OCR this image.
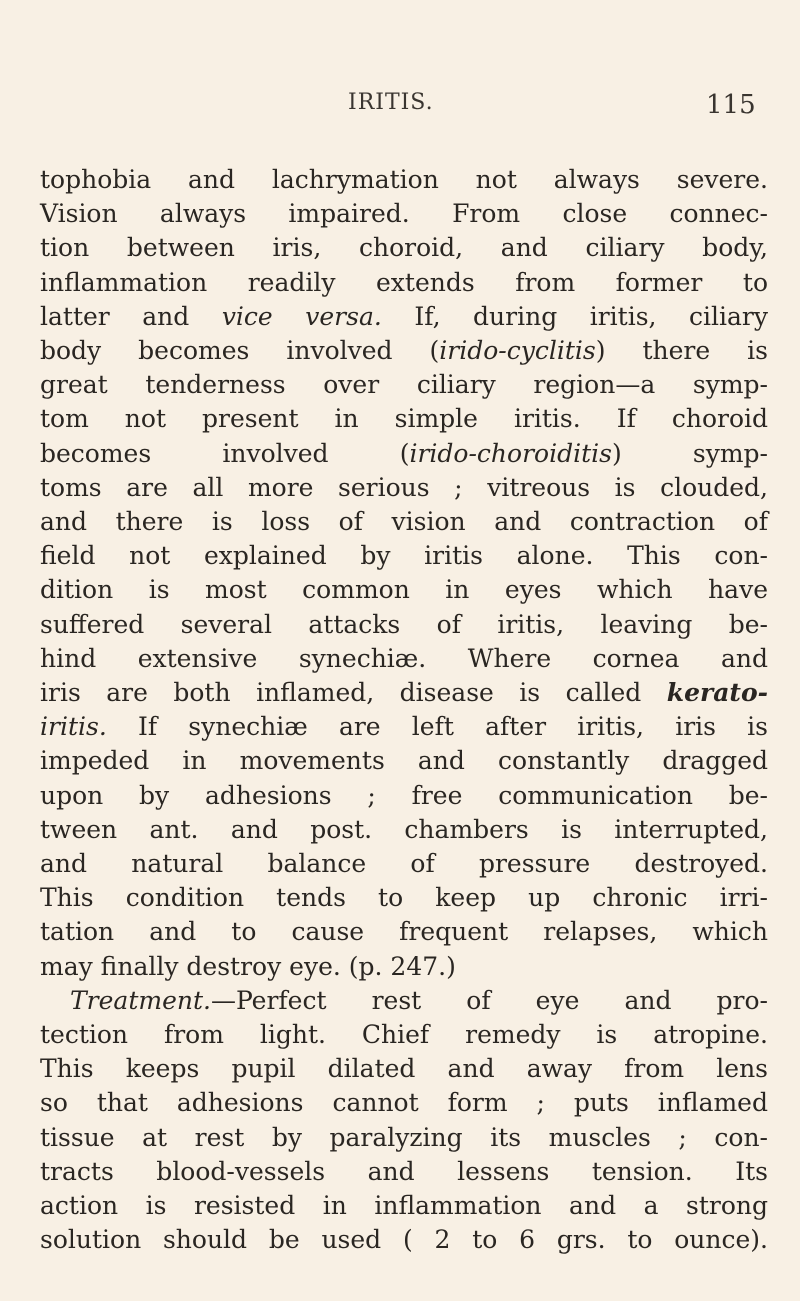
IRITIS.	115
tophobia and lachrymation not always severe.
Vision always impaired. From close connec-
tion between iris, choroid, and ciliary body,
inflammation readily extends from former to
latter and vice versa. If, during iritis, ciliary
body becomes involved (irido-cyclitis) there is
great tenderness over ciliary region—a symp-
tom not present in simple iritis. If choroid
becomes involved (irido-choroiditis) symp-
toms are all more serious ; vitreous is clouded,
and there is loss of vision and contraction of
field not explained by iritis alone. This con-
dition is most common in eyes which have
suffered several attacks of iritis, leaving be-
hind extensive synechiæ. Where cornea and
iris are both inflamed, disease is called kerato-
iritis. If synechiæ are left after iritis, iris is
impeded in movements and constantly dragged
upon by adhesions ; free communication be-
tween ant. and post. chambers is interrupted,
and natural balance of pressure destroyed.
This condition tends to keep up chronic irri-
tation and to cause frequent relapses, which
may finally destroy eye. (p. 247.)
Treatment.—Perfect rest of eye and pro-
tection from light. Chief remedy is atropine.
This keeps pupil dilated and away from lens
so that adhesions cannot form ; puts inflamed
tissue at rest by paralyzing its muscles ; con-
tracts blood-vessels and lessens tension. Its
action is resisted in inflammation and a strong
solution should be used ( 2 to 6 grs. to ounce).
